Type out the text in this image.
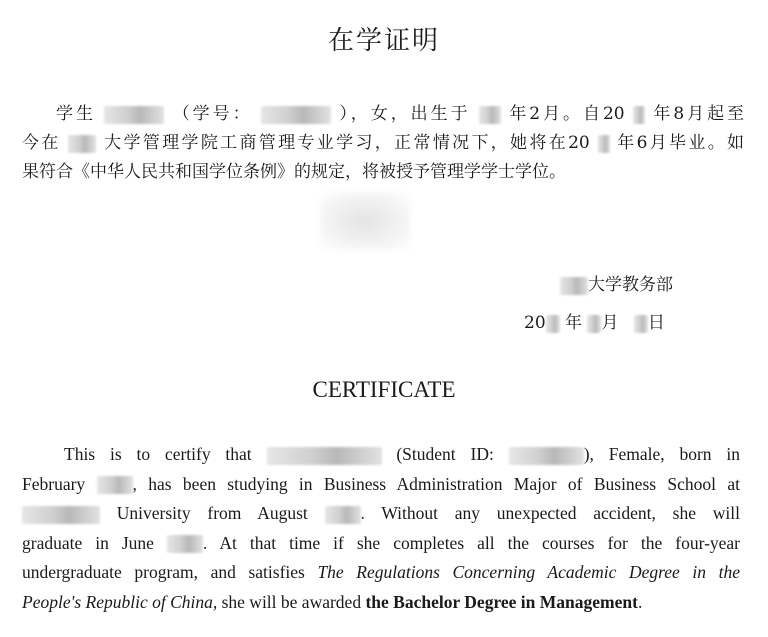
在学证明
学生	（学号：	），女，出生于 年2月。自20 年8月起至
今在	大学管理学院工商管理专业学习，正常情况下，她将在20 年6月毕业。如
果符合《中华人民共和国学位条例》的规定，将被授予管理学学士学位。
大学教务部
20 年 月 日
CERTIFICATE
This is to certify that	(Student ID:	), Female, born in
February	, has been studying in Business Administration Major of Business School at
University from August	. Without any unexpected accident, she will
graduate in June	. At that time if she completes all the courses for the four-year
undergraduate program, and satisfies The Regulations Concerning Academic Degree in the
People's Republic of China, she will be awarded the Bachelor Degree in Management.
